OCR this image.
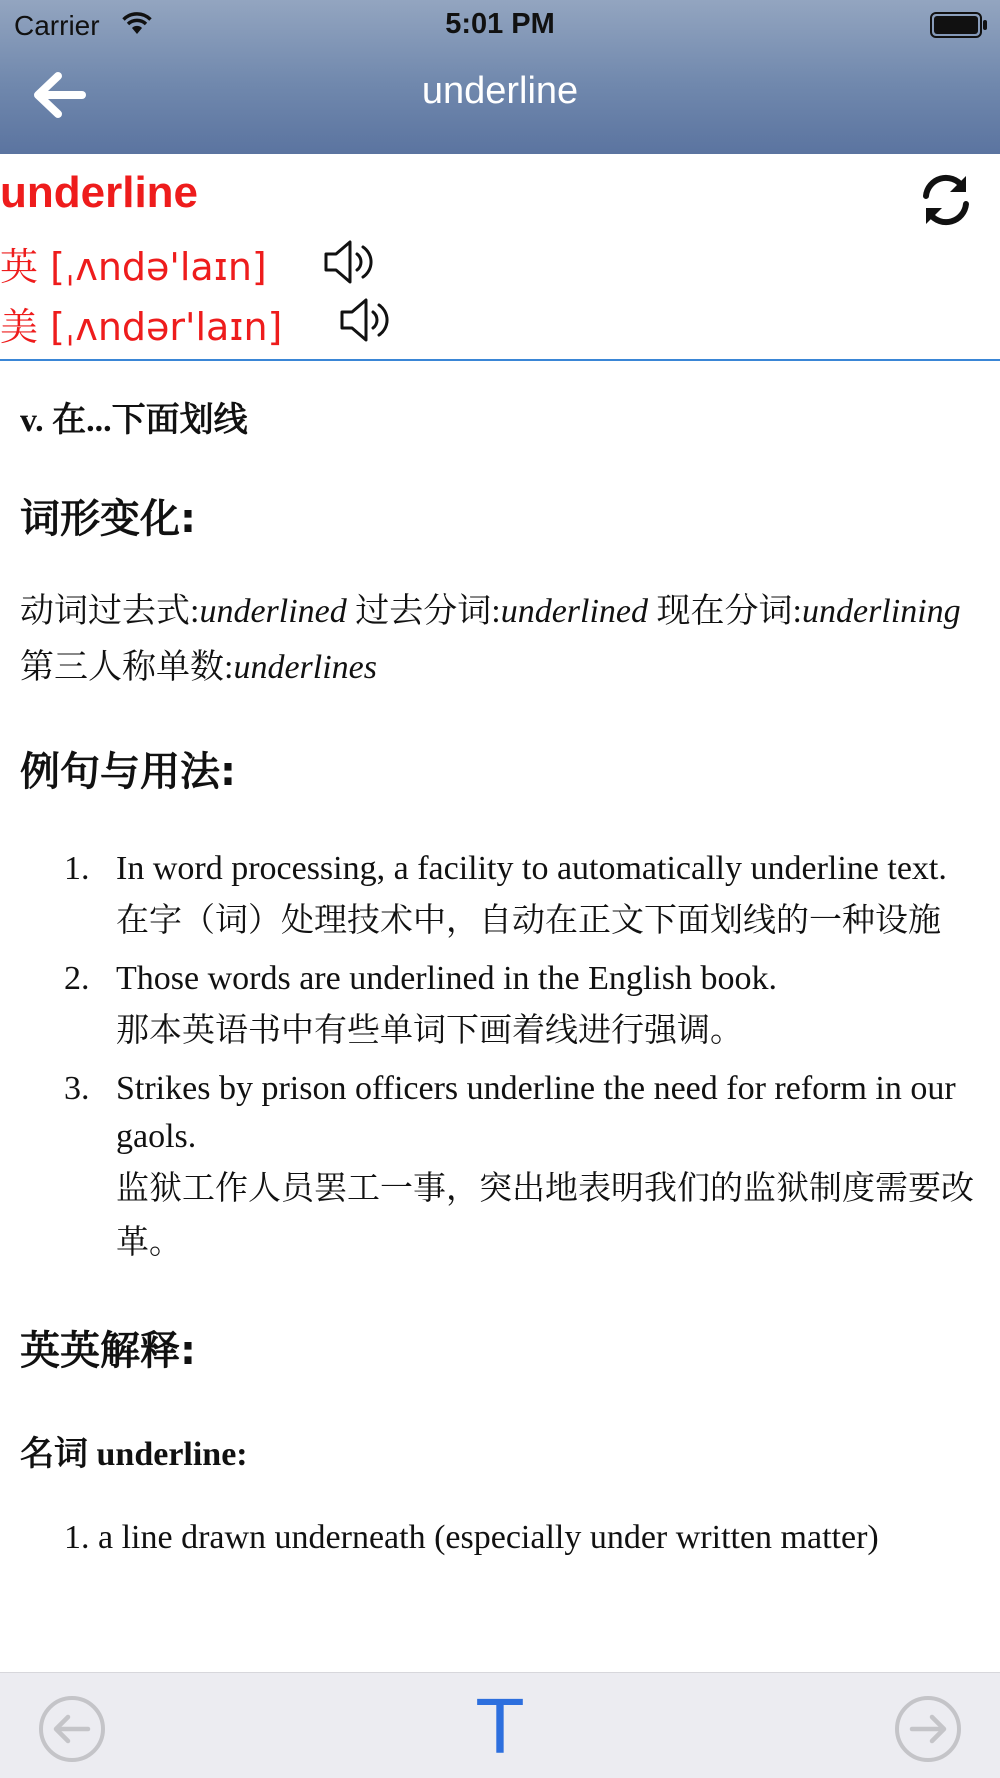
Carrier	5:01 PM
underline
underline
英 [ˌʌndə'laɪn]
美 [ˌʌndər'laɪn]
v. 在...下面划线
词形变化:
动词过去式:underlined 过去分词:underlined 现在分词:underlining 第三人称单数:underlines
例句与用法:
1. In word processing, a facility to automatically underline text.
在字（词）处理技术中，自动在正文下面划线的一种设施
2. Those words are underlined in the English book.
那本英语书中有些单词下画着线进行强调。
3. Strikes by prison officers underline the need for reform in our gaols.
监狱工作人员罢工一事，突出地表明我们的监狱制度需要改革。
英英解释:
名词 underline:
1. a line drawn underneath (especially under written matter)
T
